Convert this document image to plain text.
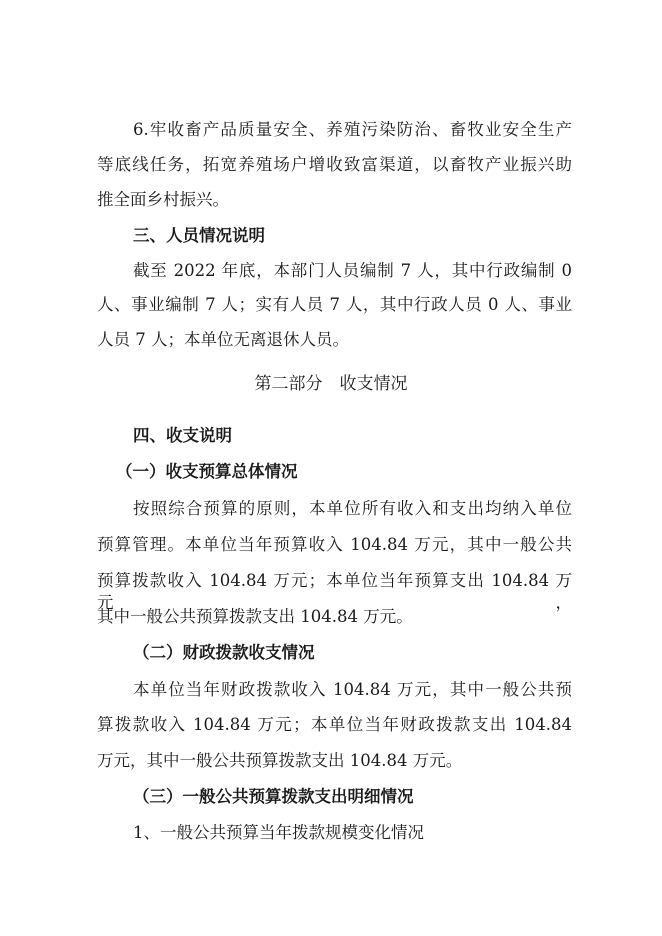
6.牢收畜产品质量安全、养殖污染防治、畜牧业安全生产
等底线任务，拓宽养殖场户增收致富渠道，以畜牧产业振兴助
推全面乡村振兴。
三、人员情况说明
截至 2022 年底，本部门人员编制 7 人，其中行政编制 0
人、事业编制 7 人；实有人员 7 人，其中行政人员 0 人、事业
人员 7 人；本单位无离退休人员。
第二部分　收支情况
四、收支说明
（一）收支预算总体情况
按照综合预算的原则，本单位所有收入和支出均纳入单位
预算管理。本单位当年预算收入 104.84 万元，其中一般公共
预算拨款收入 104.84 万元；本单位当年预算支出 104.84 万元，
其中一般公共预算拨款支出 104.84 万元。
（二）财政拨款收支情况
本单位当年财政拨款收入 104.84 万元，其中一般公共预
算拨款收入 104.84 万元；本单位当年财政拨款支出 104.84
万元，其中一般公共预算拨款支出 104.84 万元。
（三）一般公共预算拨款支出明细情况
1、一般公共预算当年拨款规模变化情况
